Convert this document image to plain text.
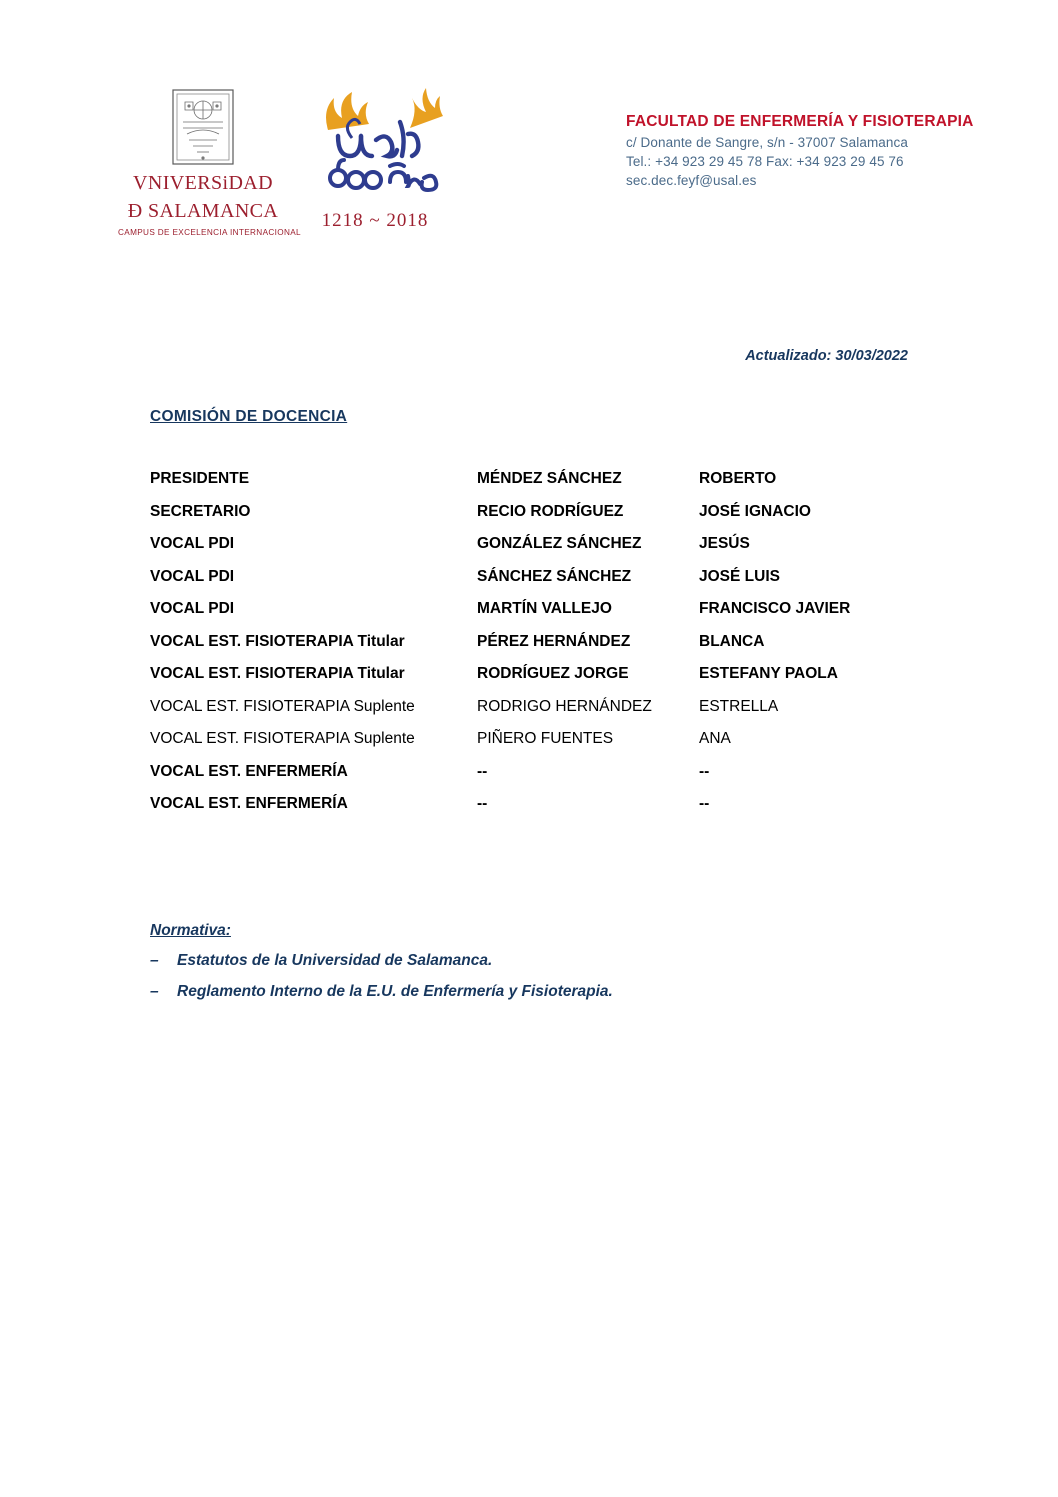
VNIVERSiDAD
Ð SALAMANCA
CAMPUS DE EXCELENCIA INTERNACIONAL
1218 ~ 2018
FACULTAD DE ENFERMERÍA Y FISIOTERAPIA
c/ Donante de Sangre, s/n - 37007 Salamanca
Tel.: +34 923 29 45 78 Fax: +34 923 29 45 76
sec.dec.feyf@usal.es
Actualizado: 30/03/2022
COMISIÓN DE DOCENCIA
PRESIDENTE	MÉNDEZ SÁNCHEZ	ROBERTO
SECRETARIO	RECIO RODRÍGUEZ	JOSÉ IGNACIO
VOCAL PDI	GONZÁLEZ SÁNCHEZ	JESÚS
VOCAL PDI	SÁNCHEZ SÁNCHEZ	JOSÉ LUIS
VOCAL PDI	MARTÍN VALLEJO	FRANCISCO JAVIER
VOCAL EST. FISIOTERAPIA Titular	PÉREZ HERNÁNDEZ	BLANCA
VOCAL EST. FISIOTERAPIA Titular	RODRÍGUEZ JORGE	ESTEFANY PAOLA
VOCAL EST. FISIOTERAPIA Suplente	RODRIGO HERNÁNDEZ	ESTRELLA
VOCAL EST. FISIOTERAPIA Suplente	PIÑERO FUENTES	ANA
VOCAL EST. ENFERMERÍA	--	--
VOCAL EST. ENFERMERÍA	--	--
Normativa:
–	Estatutos de la Universidad de Salamanca.
–	Reglamento Interno de la E.U. de Enfermería y Fisioterapia.
